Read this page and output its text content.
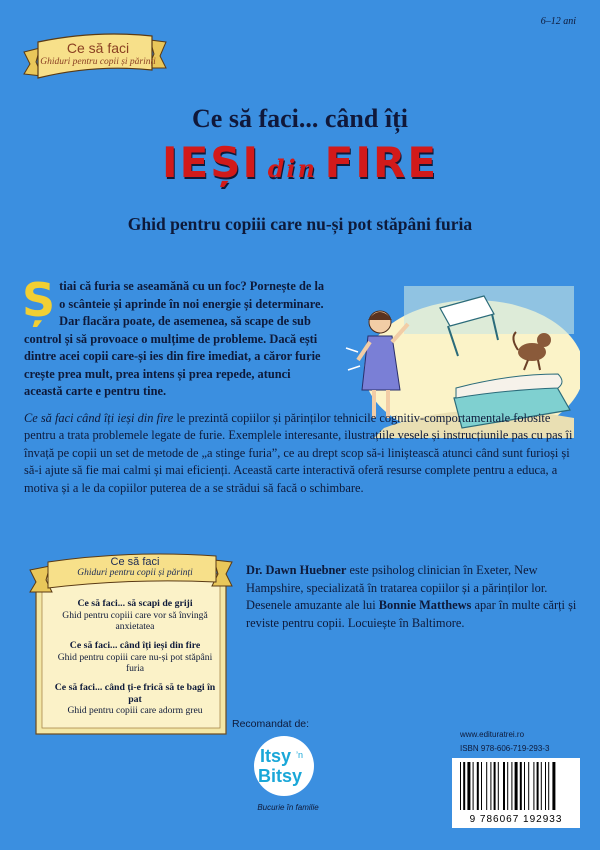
6–12 ani
Ce să faci
Ghiduri pentru copii și părinți
Ce să faci... când îți
IEȘI din FIRE
Ghid pentru copiii care nu-și pot stăpâni furia
Știai că furia se aseamănă cu un foc? Pornește de la o scânteie și aprinde în noi energie și determinare. Dar flacăra poate, de asemenea, să scape de sub control și să provoace o mulțime de probleme. Dacă ești dintre acei copii care-și ies din fire imediat, a căror furie crește prea mult, prea intens și prea repede, atunci această carte e pentru tine.
Ce să faci când îți ieși din fire le prezintă copiilor și părinților tehnicile cognitiv-comportamentale folosite pentru a trata problemele legate de furie. Exemplele interesante, ilustrațiile vesele și instrucțiunile pas cu pas îi învață pe copii un set de metode de „a stinge furia”, ce au drept scop să-i liniștească atunci când sunt furioși și să-i ajute să fie mai calmi și mai eficienți. Această carte interactivă oferă resurse complete pentru a educa, a motiva și a le da copiilor puterea de a se strădui să facă o schimbare.
Ce să faci
Ghiduri pentru copii și părinți
Ce să faci... să scapi de griji
Ghid pentru copiii care vor să învingă anxietatea
Ce să faci... când îți ieși din fire
Ghid pentru copiii care nu-și pot stăpâni furia
Ce să faci... când ți-e frică să te bagi în pat
Ghid pentru copiii care adorm greu
Dr. Dawn Huebner este psiholog clinician în Exeter, New Hampshire, specializată în tratarea copiilor și a părinților lor.
Desenele amuzante ale lui Bonnie Matthews apar în multe cărți și reviste pentru copii. Locuiește în Baltimore.
Recomandat de:
Itsy ’n
Bitsy
Bucurie în familie
www.edituratrei.ro
ISBN 978-606-719-293-3
9 786067 192933
